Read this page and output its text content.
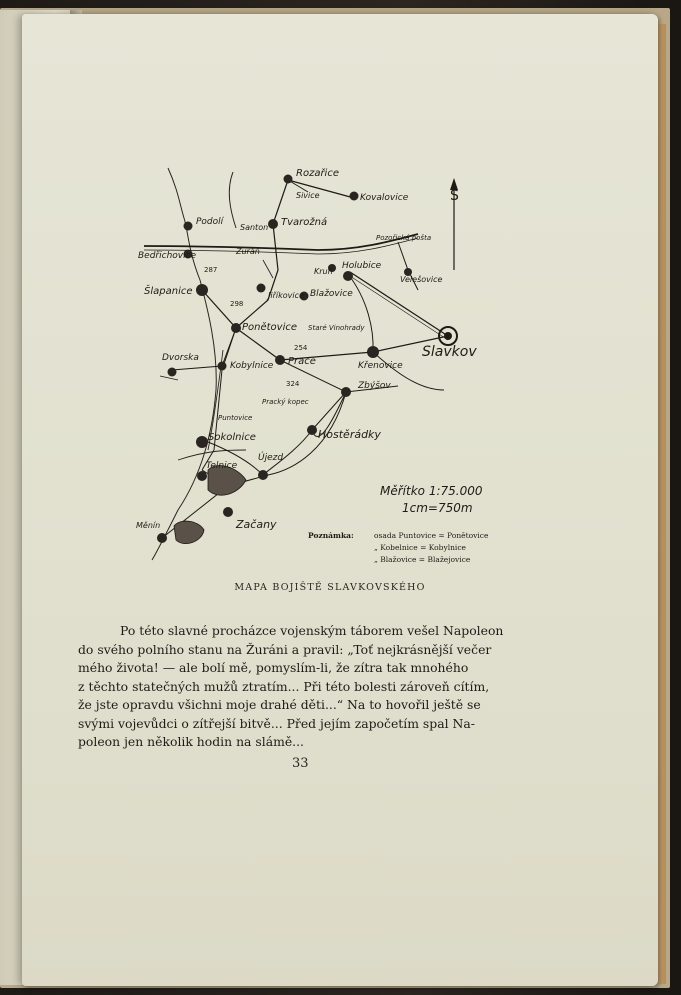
S
Rozařice
Sivice	Kovalovice
Podolí
Santon Tvarožná
Pozořická pošta
Bedřichovice	Žuráň
Kruh
Holubice
Velešovice
Šlapanice	Jiříkovice Blažovice
Ponětovice Staré Vinohrady
Slavkov
Dvorska
Kobylnice Prace	Křenovice
Zbýšov
Pracký kopec
Puntovice
Sokolnice	Hostěrádky
Telnice
Újezd
Měnín	Začany
287
298
324
254
Měřítko 1:75.000
1cm=750m
Poznámka:	osada Puntovice = Ponětovice
„ Kobelnice = Kobylnice
„ Blažovice = Blažejovice
MAPA BOJIŠTĚ SLAVKOVSKÉHO
Po této slavné procházce vojenským táborem vešel Napoleon
do svého polního stanu na Žuráni a pravil: „Toť nejkrásnější večer
mého života! — ale bolí mě, pomyslím-li, že zítra tak mnohého
z těchto statečných mužů ztratím... Při této bolesti zároveň cítím,
že jste opravdu všichni moje drahé děti...“ Na to hovořil ještě se
svými vojevůdci o zítřejší bitvě... Před jejím započetím spal Na-
poleon jen několik hodin na slámě...
33
